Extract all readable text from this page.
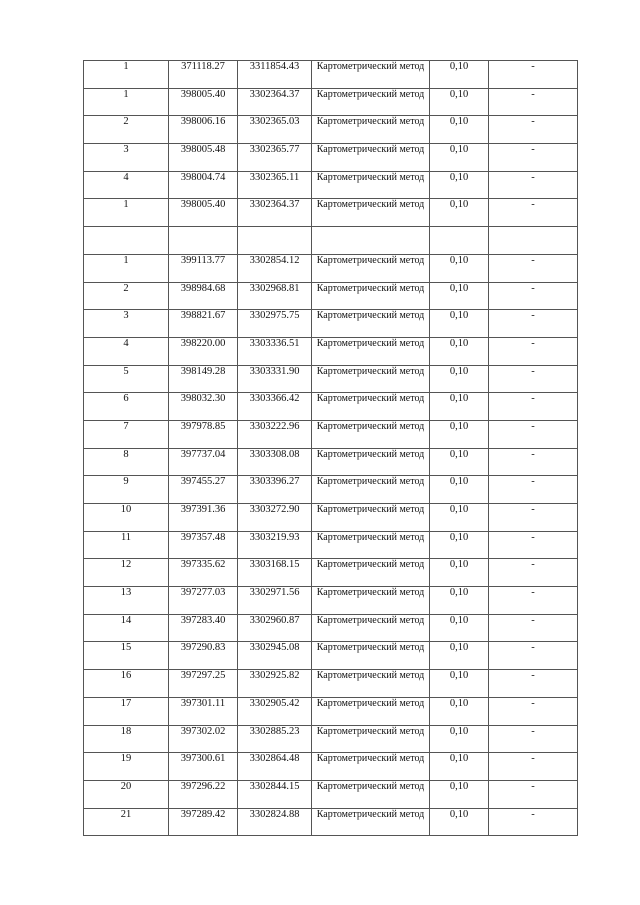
1	371118.27	3311854.43	Картометрический метод	0,10	-
1	398005.40	3302364.37	Картометрический метод	0,10	-
2	398006.16	3302365.03	Картометрический метод	0,10	-
3	398005.48	3302365.77	Картометрический метод	0,10	-
4	398004.74	3302365.11	Картометрический метод	0,10	-
1	398005.40	3302364.37	Картометрический метод	0,10	-

1	399113.77	3302854.12	Картометрический метод	0,10	-
2	398984.68	3302968.81	Картометрический метод	0,10	-
3	398821.67	3302975.75	Картометрический метод	0,10	-
4	398220.00	3303336.51	Картометрический метод	0,10	-
5	398149.28	3303331.90	Картометрический метод	0,10	-
6	398032.30	3303366.42	Картометрический метод	0,10	-
7	397978.85	3303222.96	Картометрический метод	0,10	-
8	397737.04	3303308.08	Картометрический метод	0,10	-
9	397455.27	3303396.27	Картометрический метод	0,10	-
10	397391.36	3303272.90	Картометрический метод	0,10	-
11	397357.48	3303219.93	Картометрический метод	0,10	-
12	397335.62	3303168.15	Картометрический метод	0,10	-
13	397277.03	3302971.56	Картометрический метод	0,10	-
14	397283.40	3302960.87	Картометрический метод	0,10	-
15	397290.83	3302945.08	Картометрический метод	0,10	-
16	397297.25	3302925.82	Картометрический метод	0,10	-
17	397301.11	3302905.42	Картометрический метод	0,10	-
18	397302.02	3302885.23	Картометрический метод	0,10	-
19	397300.61	3302864.48	Картометрический метод	0,10	-
20	397296.22	3302844.15	Картометрический метод	0,10	-
21	397289.42	3302824.88	Картометрический метод	0,10	-
